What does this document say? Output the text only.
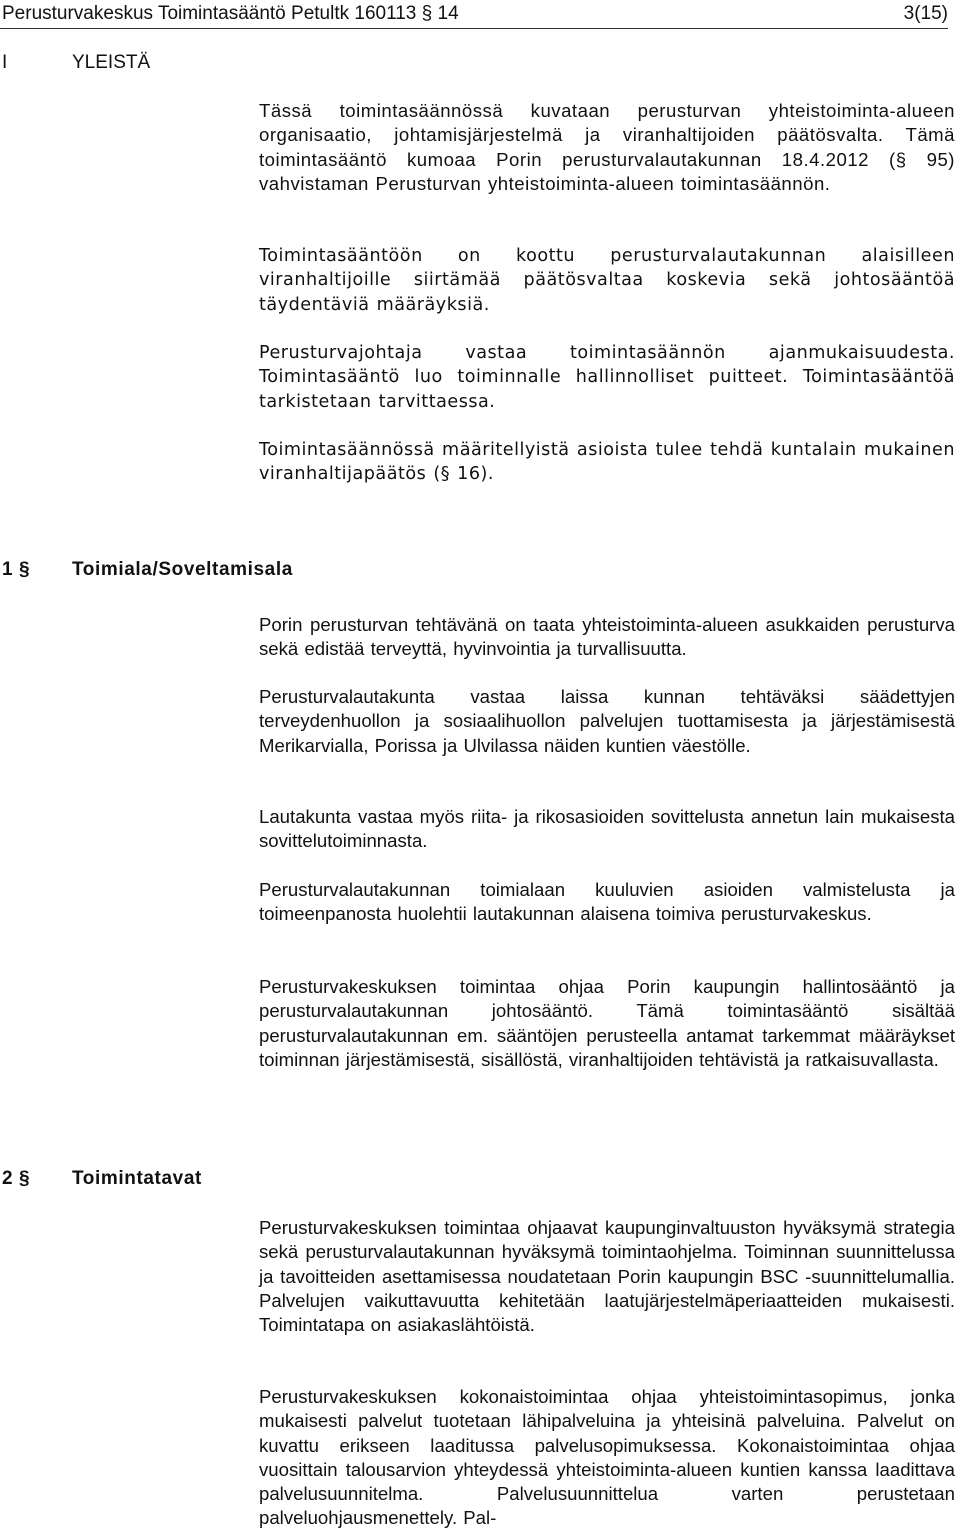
Perusturvakeskus Toimintasääntö Petultk 160113 § 14	3(15)
I	YLEISTÄ

Tässä toimintasäännössä kuvataan perusturvan yhteistoiminta-alueen organisaatio, johtamisjärjestelmä ja viranhaltijoiden päätösvalta. Tämä toimintasääntö kumoaa Porin perusturvalautakunnan 18.4.2012 (§ 95) vahvistaman Perusturvan yhteistoiminta-alueen toimintasäännön.

Toimintasääntöön on koottu perusturvalautakunnan alaisilleen viranhaltijoille siirtämää päätösvaltaa koskevia sekä johtosääntöä täydentäviä määräyksiä.

Perusturvajohtaja vastaa toimintasäännön ajanmukaisuudesta. Toimintasääntö luo toiminnalle hallinnolliset puitteet. Toimintasääntöä tarkistetaan tarvittaessa.

Toimintasäännössä määritellyistä asioista tulee tehdä kuntalain mukainen viranhaltijapäätös (§ 16).

1 § Toimiala/Soveltamisala

Porin perusturvan tehtävänä on taata yhteistoiminta-alueen asukkaiden perusturva sekä edistää terveyttä, hyvinvointia ja turvallisuutta.

Perusturvalautakunta vastaa laissa kunnan tehtäväksi säädettyjen terveydenhuollon ja sosiaalihuollon palvelujen tuottamisesta ja järjestämisestä Merikarvialla, Porissa ja Ulvilassa näiden kuntien väestölle.

Lautakunta vastaa myös riita- ja rikosasioiden sovittelusta annetun lain mukaisesta sovittelutoiminnasta.

Perusturvalautakunnan toimialaan kuuluvien asioiden valmistelusta ja toimeenpanosta huolehtii lautakunnan alaisena toimiva perusturvakeskus.

Perusturvakeskuksen toimintaa ohjaa Porin kaupungin hallintosääntö ja perusturvalautakunnan johtosääntö. Tämä toimintasääntö sisältää perusturvalautakunnan em. sääntöjen perusteella antamat tarkemmat määräykset toiminnan järjestämisestä, sisällöstä, viranhaltijoiden tehtävistä ja ratkaisuvallasta.

2 § Toimintatavat

Perusturvakeskuksen toimintaa ohjaavat kaupunginvaltuuston hyväksymä strategia sekä perusturvalautakunnan hyväksymä toimintaohjelma. Toiminnan suunnittelussa ja tavoitteiden asettamisessa noudatetaan Porin kaupungin BSC -suunnittelumallia. Palvelujen vaikuttavuutta kehitetään laatujärjestelmäperiaatteiden mukaisesti. Toimintatapa on asiakaslähtöistä.

Perusturvakeskuksen kokonaistoimintaa ohjaa yhteistoimintasopimus, jonka mukaisesti palvelut tuotetaan lähipalveluina ja yhteisinä palveluina. Palvelut on kuvattu erikseen laaditussa palvelusopimuksessa. Kokonaistoimintaa ohjaa vuosittain talousarvion yhteydessä yhteistoiminta-alueen kuntien kanssa laadittava palvelusuunnitelma. Palvelusuunnittelua varten perustetaan palveluohjausmenettely. Pal-
